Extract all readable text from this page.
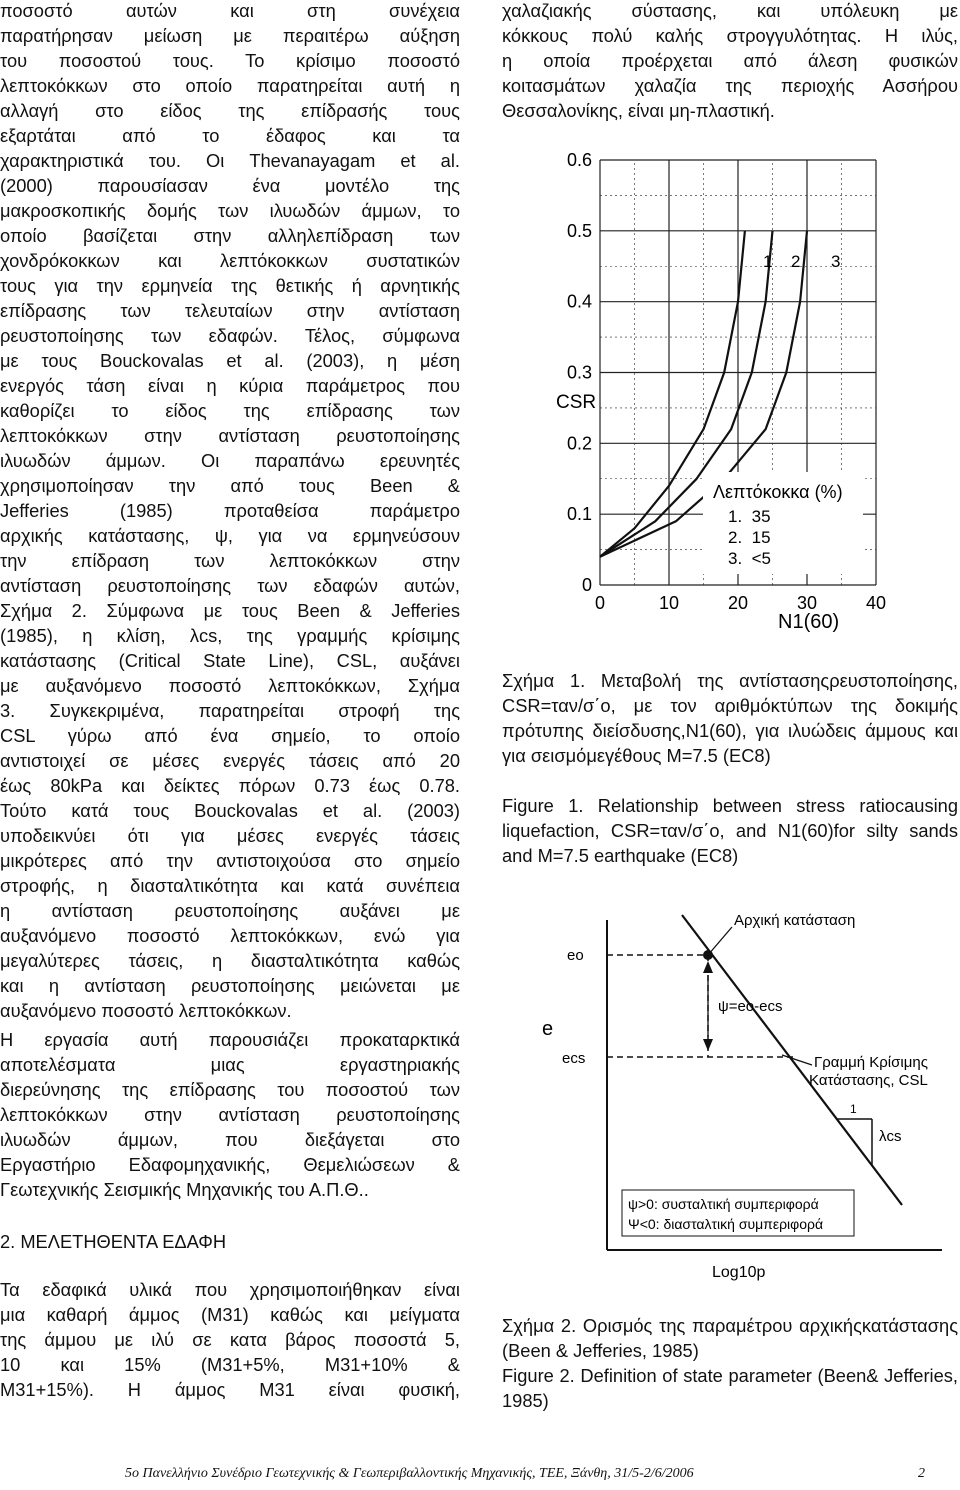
ποσοστό αυτών και στη συνέχεια
παρατήρησαν μείωση με περαιτέρω αύξηση
του ποσοστού τους. Το κρίσιμο ποσοστό
λεπτοκόκκων στο οποίο παρατηρείται αυτή η
αλλαγή στο είδος της επίδρασής τους
εξαρτάται από το έδαφος και τα
χαρακτηριστικά του. Οι Thevanayagam et al.
(2000) παρουσίασαν ένα μοντέλο της
μακροσκοπικής δομής των ιλυωδών άμμων, το
οποίο βασίζεται στην αλληλεπίδραση των
χονδρόκοκκων και λεπτόκοκκων συστατικών
τους για την ερμηνεία της θετικής ή αρνητικής
επίδρασης των τελευταίων στην αντίσταση
ρευστοποίησης των εδαφών. Τέλος, σύμφωνα
με τους Bouckovalas et al. (2003), η μέση
ενεργός τάση είναι η κύρια παράμετρος που
καθορίζει το είδος της επίδρασης των
λεπτοκόκκων στην αντίσταση ρευστοποίησης
ιλυωδών άμμων. Οι παραπάνω ερευνητές
χρησιμοποίησαν την από τους Been &
Jefferies (1985) προταθείσα παράμετρο
αρχικής κατάστασης, ψ, για να ερμηνεύσουν
την επίδραση των λεπτοκόκκων στην
αντίσταση ρευστοποίησης των εδαφών αυτών,
Σχήμα 2. Σύμφωνα με τους Been & Jefferies
(1985), η κλίση, λcs, της γραμμής κρίσιμης
κατάστασης (Critical State Line), CSL, αυξάνει
με αυξανόμενο ποσοστό λεπτοκόκκων, Σχήμα
3. Συγκεκριμένα, παρατηρείται στροφή της
CSL γύρω από ένα σημείο, το οποίο
αντιστοιχεί σε μέσες ενεργές τάσεις από 20
έως 80kPa και δείκτες πόρων 0.73 έως 0.78.
Τούτο κατά τους Bouckovalas et al. (2003)
υποδεικνύει ότι για μέσες ενεργές τάσεις
μικρότερες από την αντιστοιχούσα στο σημείο
στροφής, η διασταλτικότητα και κατά συνέπεια
η αντίσταση ρευστοποίησης αυξάνει με
αυξανόμενο ποσοστό λεπτοκόκκων, ενώ για
μεγαλύτερες τάσεις, η διασταλτικότητα καθώς
και η αντίσταση ρευστοποίησης μειώνεται με
αυξανόμενο ποσοστό λεπτοκόκκων.
Η εργασία αυτή παρουσιάζει προκαταρκτικά
αποτελέσματα μιας εργαστηριακής
διερεύνησης της επίδρασης του ποσοστού των
λεπτοκόκκων στην αντίσταση ρευστοποίησης
ιλυωδών άμμων, που διεξάγεται στο
Εργαστήριο Εδαφομηχανικής, Θεμελιώσεων &
Γεωτεχνικής Σεισμικής Μηχανικής του Α.Π.Θ..
2. ΜΕΛΕΤΗΘΕΝΤΑ ΕΔΑΦΗ
Τα εδαφικά υλικά που χρησιμοποιήθηκαν είναι
μια καθαρή άμμος (Μ31) καθώς και μείγματα
της άμμου με ιλύ σε κατα βάρος ποσοστά 5,
10 και 15% (Μ31+5%, Μ31+10% &
Μ31+15%). Η άμμος Μ31 είναι φυσική,
χαλαζιακής σύστασης, και υπόλευκη με
κόκκους πολύ καλής στρογγυλότητας. Η ιλύς,
η οποία προέρχεται από άλεση φυσικών
κοιτασμάτων χαλαζία της περιοχής Ασσήρου
Θεσσαλονίκης, είναι μη-πλαστική.
0
0.1
0.2
0.3
0.4
0.5
0.6
0	10	20	30	40
CSR
N1(60)
Λεπτόκοκκα (%)
1.  35
2.  15
3.  <5
1 2 3
Σχήμα 1. Μεταβολή της αντίστασηςρευστοποίησης, CSR=ταν/σ΄ο, με τον αριθμόκτύπων της δοκιμής πρότυπης διείσδυσης,N1(60), για ιλυώδεις άμμους και για σεισμόμεγέθους M=7.5 (EC8)
Figure 1. Relationship between stress ratiocausing liquefaction, CSR=ταν/σ΄ο, and N1(60)for silty sands and M=7.5 earthquake (EC8)
Αρχική κατάσταση
eο
ψ=eο-ecs
e
ecs	Γραμμή Κρίσιμης
Κατάστασης, CSL
1
λcs
ψ>0: συσταλτική συμπεριφορά
Ψ<0: διασταλτική συμπεριφορά
Log10p
Σχήμα 2. Ορισμός της παραμέτρου αρχικήςκατάστασης (Been & Jefferies, 1985)
Figure 2. Definition of state parameter (Been& Jefferies, 1985)
5ο Πανελλήνιο Συνέδριο Γεωτεχνικής & Γεωπεριβαλλοντικής Μηχανικής, ΤΕΕ, Ξάνθη, 31/5-2/6/2006	2
